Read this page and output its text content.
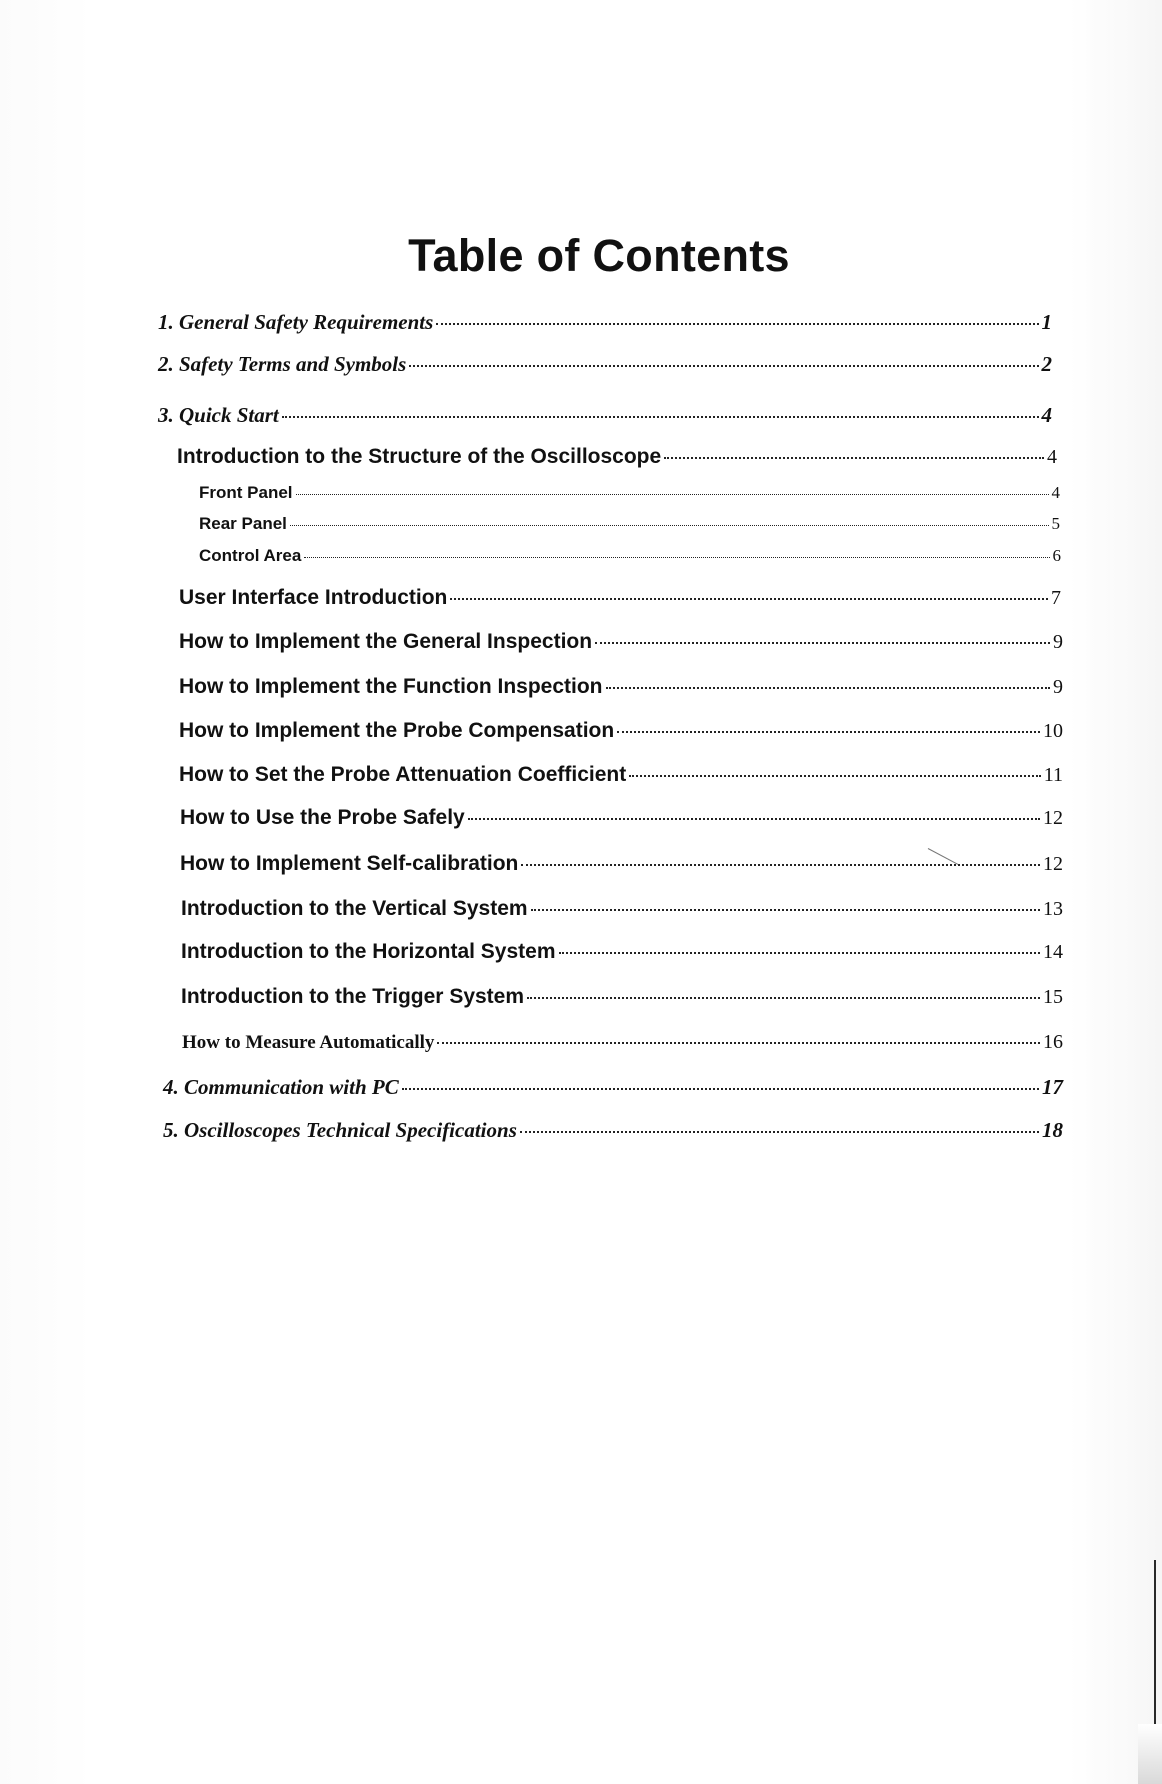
Table of Contents
1. General Safety Requirements	1
2. Safety Terms and Symbols	2
3. Quick Start	4
Introduction to the Structure of the Oscilloscope	4
Front Panel	4
Rear Panel	5
Control Area	6
User Interface Introduction	7
How to Implement the General Inspection	9
How to Implement the Function Inspection	9
How to Implement the Probe Compensation	10
How to Set the Probe Attenuation Coefficient	11
How to Use the Probe Safely	12
How to Implement Self-calibration	12
Introduction to the Vertical System	13
Introduction to the Horizontal System	14
Introduction to the Trigger System	15
How to Measure Automatically	16
4. Communication with PC	17
5. Oscilloscopes Technical Specifications	18
